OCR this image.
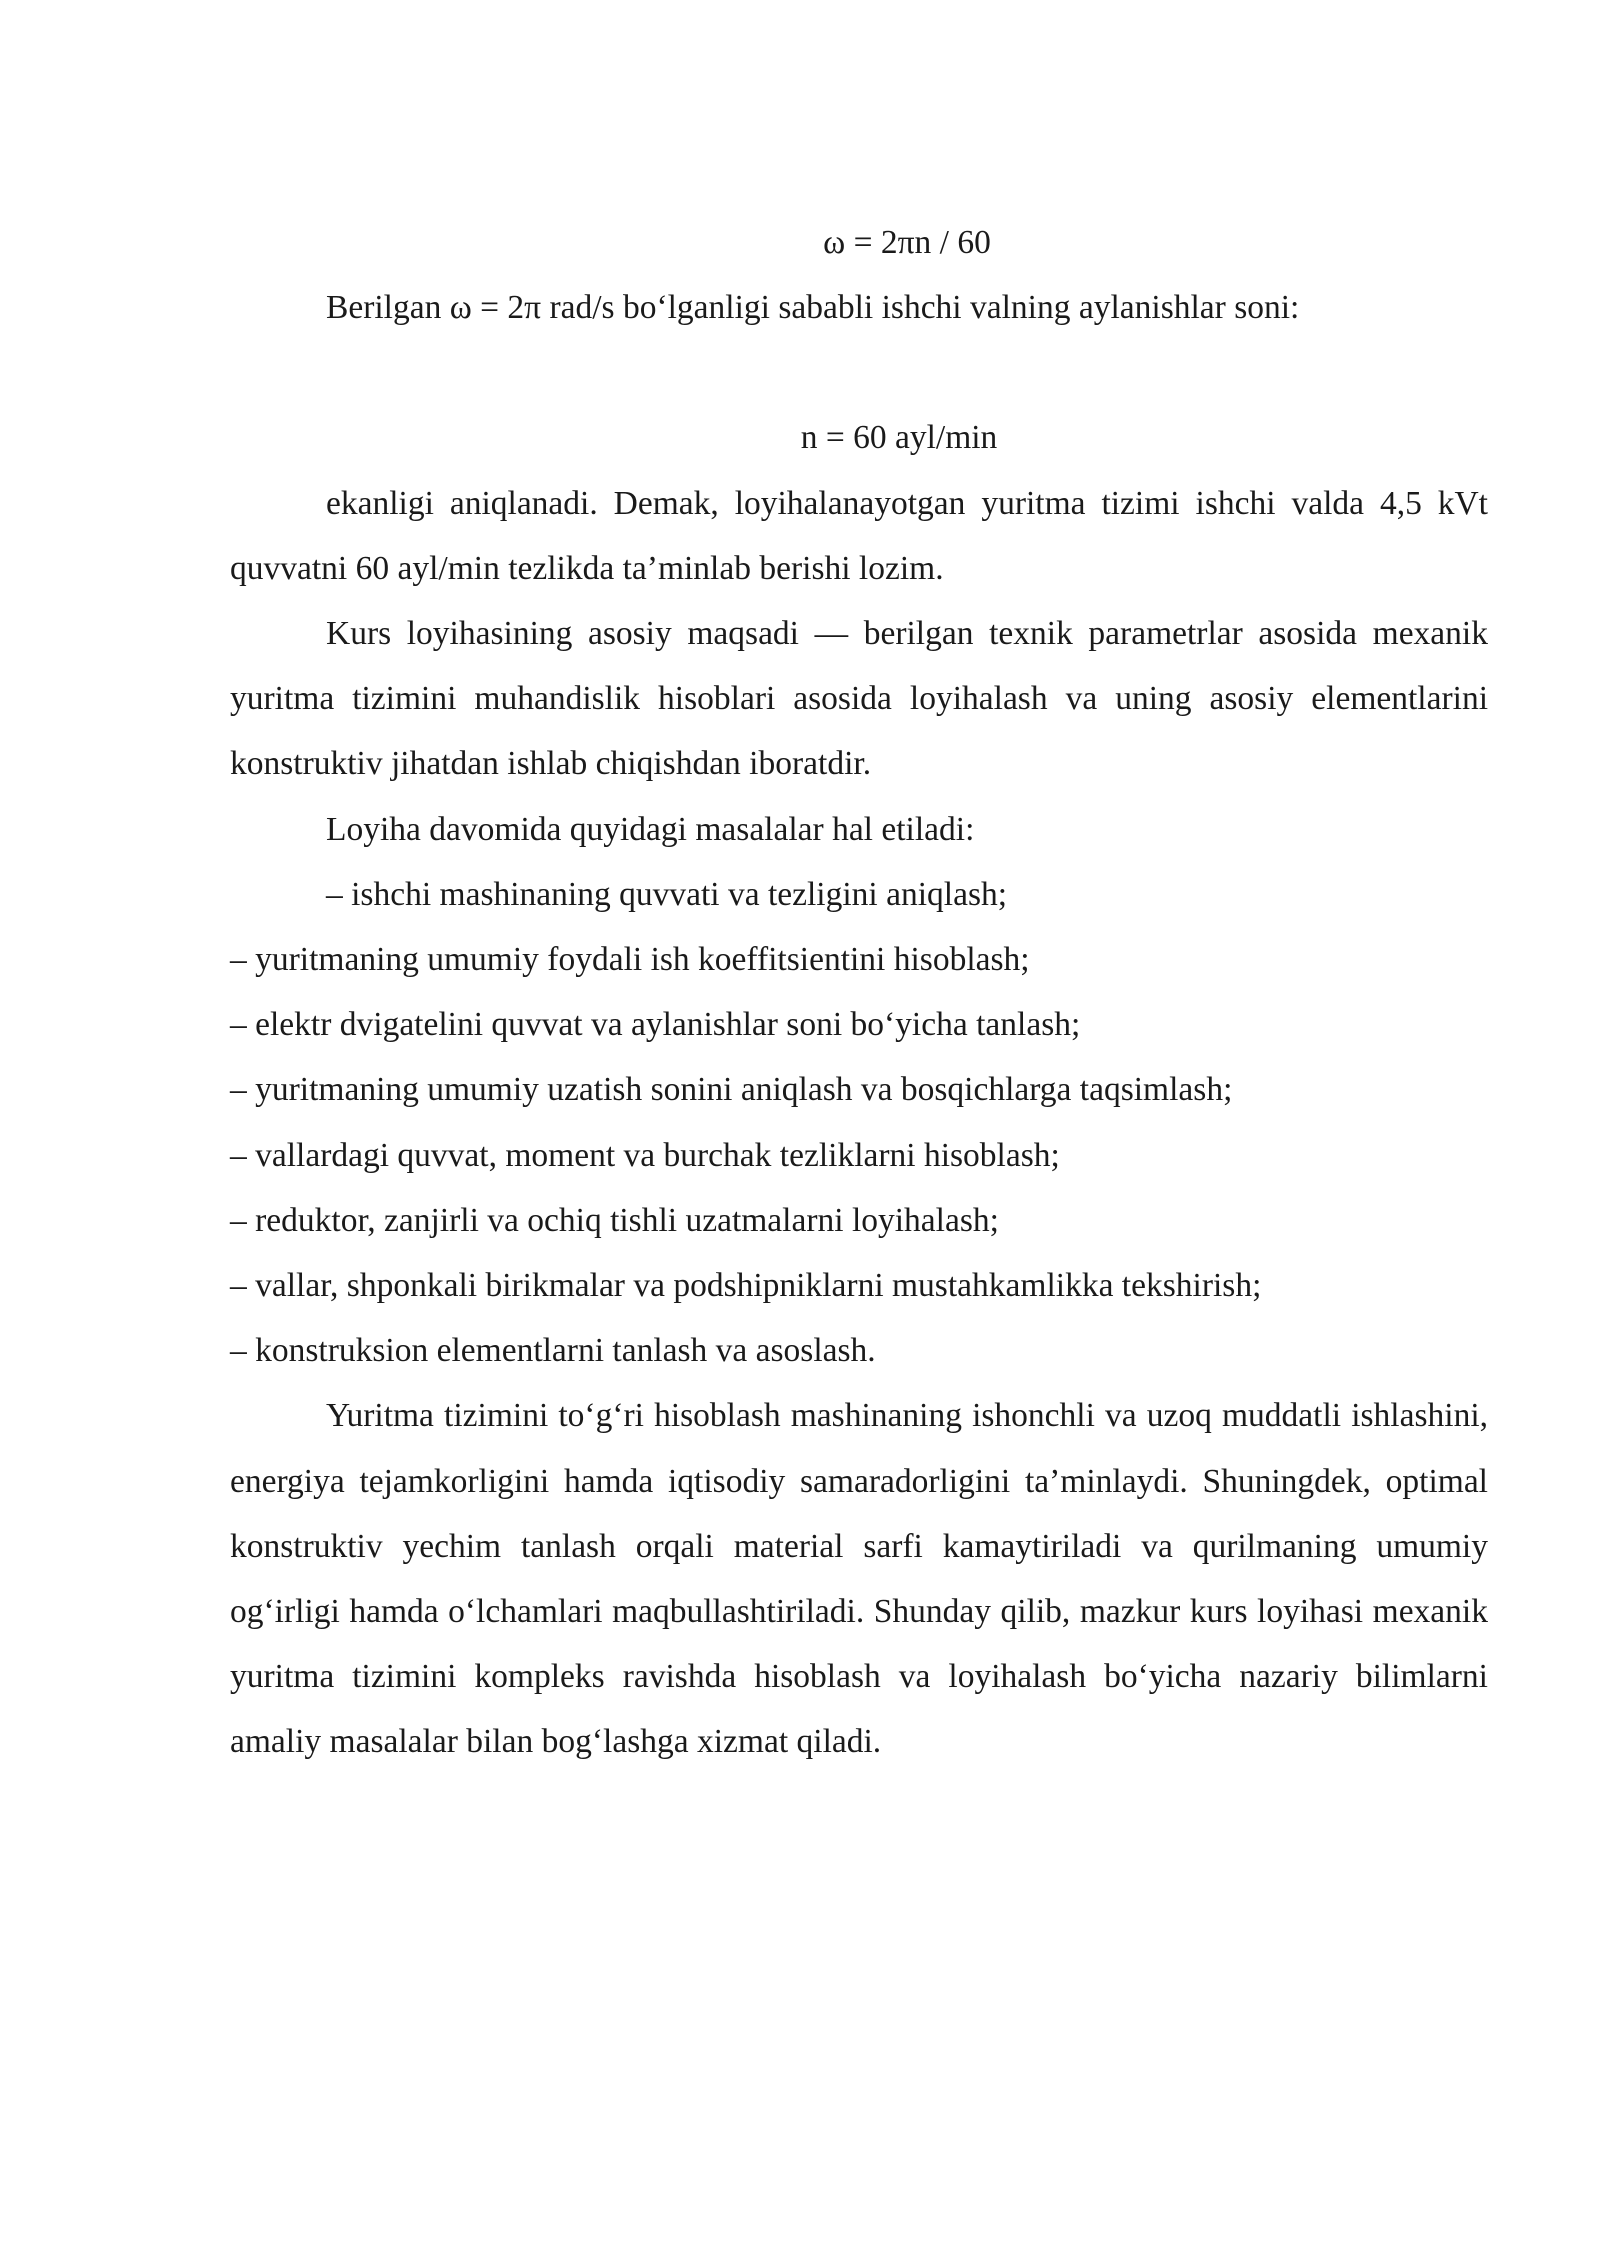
ω = 2πn / 60

Berilgan ω = 2π rad/s bo‘lganligi sababli ishchi valning aylanishlar soni:

n = 60 ayl/min

ekanligi aniqlanadi. Demak, loyihalanayotgan yuritma tizimi ishchi valda 4,5 kVt quvvatni 60 ayl/min tezlikda ta’minlab berishi lozim.

Kurs loyihasining asosiy maqsadi — berilgan texnik parametrlar asosida mexanik yuritma tizimini muhandislik hisoblari asosida loyihalash va uning asosiy elementlarini konstruktiv jihatdan ishlab chiqishdan iboratdir.

Loyiha davomida quyidagi masalalar hal etiladi:

– ishchi mashinaning quvvati va tezligini aniqlash;
– yuritmaning umumiy foydali ish koeffitsientini hisoblash;
– elektr dvigatelini quvvat va aylanishlar soni bo‘yicha tanlash;
– yuritmaning umumiy uzatish sonini aniqlash va bosqichlarga taqsimlash;
– vallardagi quvvat, moment va burchak tezliklarni hisoblash;
– reduktor, zanjirli va ochiq tishli uzatmalarni loyihalash;
– vallar, shponkali birikmalar va podshipniklarni mustahkamlikka tekshirish;
– konstruksion elementlarni tanlash va asoslash.

Yuritma tizimini to‘g‘ri hisoblash mashinaning ishonchli va uzoq muddatli ishlashini, energiya tejamkorligini hamda iqtisodiy samaradorligini ta’minlaydi. Shuningdek, optimal konstruktiv yechim tanlash orqali material sarfi kamaytiriladi va qurilmaning umumiy og‘irligi hamda o‘lchamlari maqbullashtiriladi. Shunday qilib, mazkur kurs loyihasi mexanik yuritma tizimini kompleks ravishda hisoblash va loyihalash bo‘yicha nazariy bilimlarni amaliy masalalar bilan bog‘lashga xizmat qiladi.
